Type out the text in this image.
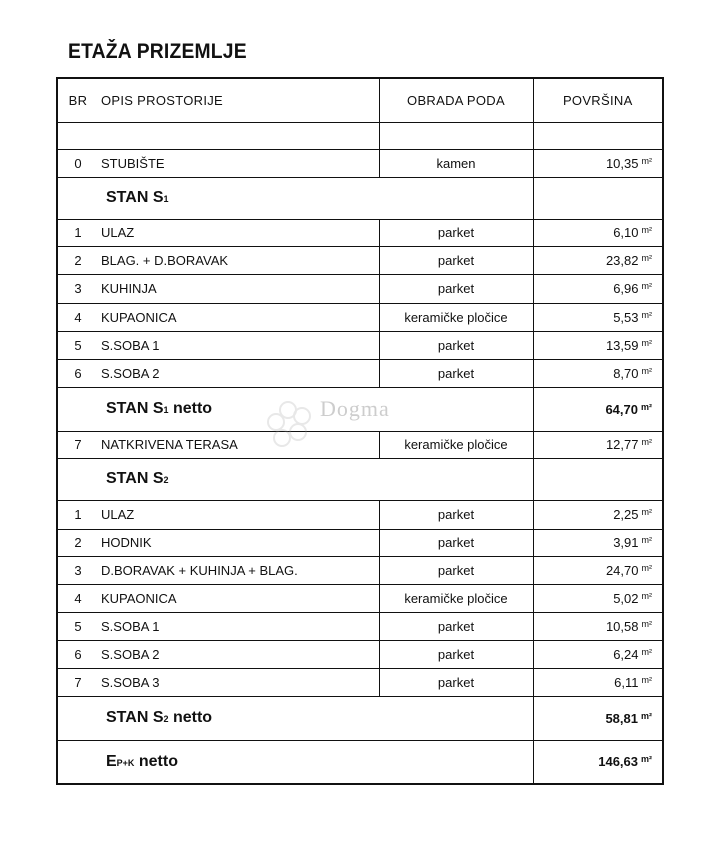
ETAŽA PRIZEMLJE
BR	OPIS PROSTORIJE	OBRADA PODA	POVRŠINA

0	STUBIŠTE	kamen	10,35 $^{m^2}$
STAN S1			
1	ULAZ	parket	6,10 $^{m^2}$
2	BLAG. + D.BORAVAK	parket	23,82 $^{m^2}$
3	KUHINJA	parket	6,96 $^{m^2}$
4	KUPAONICA	keramičke pločice	5,53 $^{m^2}$
5	S.SOBA 1	parket	13,59 $^{m^2}$
6	S.SOBA 2	parket	8,70 $^{m^2}$
STAN S1 netto			64,70 $^{m^2}$
7	NATKRIVENA TERASA	keramičke pločice	12,77 $^{m^2}$
STAN S2			
1	ULAZ	parket	2,25 $^{m^2}$
2	HODNIK	parket	3,91 $^{m^2}$
3	D.BORAVAK + KUHINJA + BLAG.	parket	24,70 $^{m^2}$
4	KUPAONICA	keramičke pločice	5,02 $^{m^2}$
5	S.SOBA 1	parket	10,58 $^{m^2}$
6	S.SOBA 2	parket	6,24 $^{m^2}$
7	S.SOBA 3	parket	6,11 $^{m^2}$
STAN S2 netto			58,81 $^{m^2}$
EP+K netto			146,63 $^{m^2}$
Dogma
